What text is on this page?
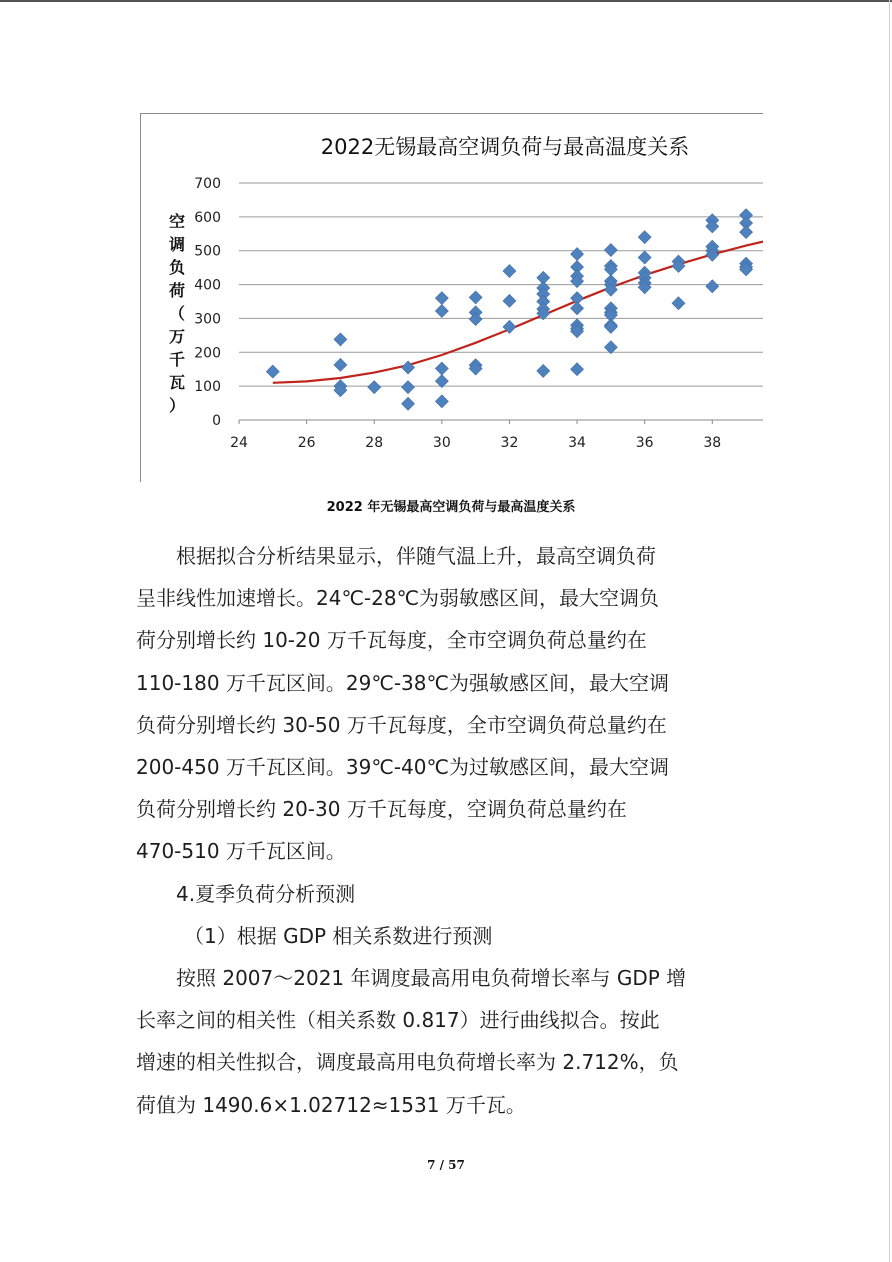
2022无锡最高空调负荷与最高温度关系
0
100
200
300
400
500
600
700
24	26	28	30	32	34	36	38
空调负荷（万千瓦）
2022 年无锡最高空调负荷与最高温度关系
根据拟合分析结果显示，伴随气温上升，最高空调负荷
呈非线性加速增长。24℃-28℃为弱敏感区间，最大空调负
荷分别增长约 10-20 万千瓦每度，全市空调负荷总量约在
110-180 万千瓦区间。29℃-38℃为强敏感区间，最大空调
负荷分别增长约 30-50 万千瓦每度，全市空调负荷总量约在
200-450 万千瓦区间。39℃-40℃为过敏感区间，最大空调
负荷分别增长约 20-30 万千瓦每度，空调负荷总量约在
470-510 万千瓦区间。
4.夏季负荷分析预测
（1）根据 GDP 相关系数进行预测
按照 2007～2021 年调度最高用电负荷增长率与 GDP 增
长率之间的相关性（相关系数 0.817）进行曲线拟合。按此
增速的相关性拟合，调度最高用电负荷增长率为 2.712%，负
荷值为 1490.6×1.02712≈1531 万千瓦。
7 / 57
